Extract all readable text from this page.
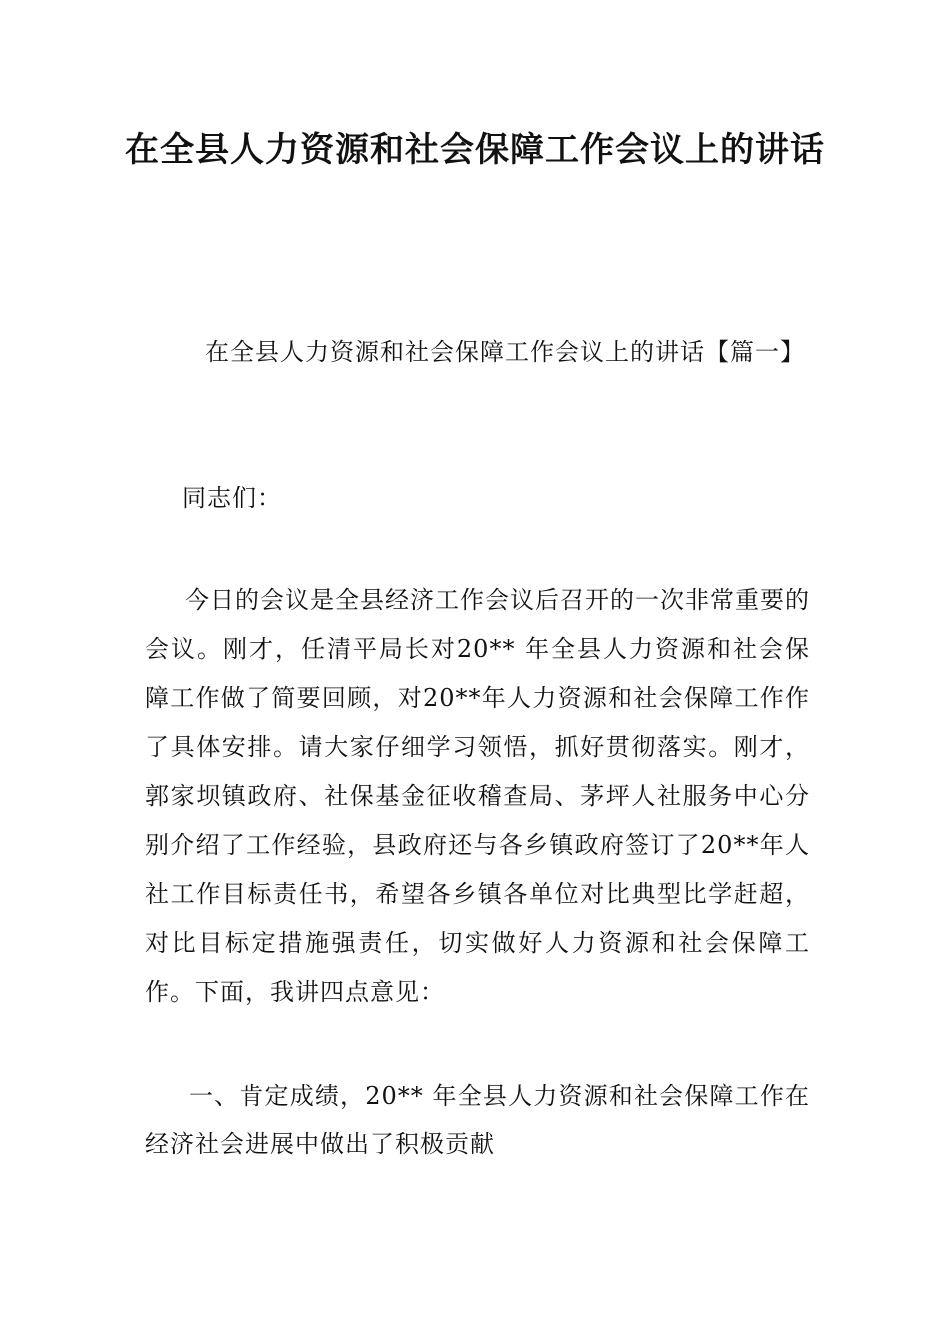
在全县人力资源和社会保障工作会议上的讲话

在全县人力资源和社会保障工作会议上的讲话【篇一】

同志们：

今日的会议是全县经济工作会议后召开的一次非常重要的会议。刚才，任清平局长对20** 年全县人力资源和社会保障工作做了简要回顾，对20**年人力资源和社会保障工作作了具体安排。请大家仔细学习领悟，抓好贯彻落实。刚才，郭家坝镇政府、社保基金征收稽查局、茅坪人社服务中心分别介绍了工作经验，县政府还与各乡镇政府签订了20**年人社工作目标责任书，希望各乡镇各单位对比典型比学赶超，对比目标定措施强责任，切实做好人力资源和社会保障工作。下面，我讲四点意见：

一、肯定成绩，20** 年全县人力资源和社会保障工作在经济社会进展中做出了积极贡献
